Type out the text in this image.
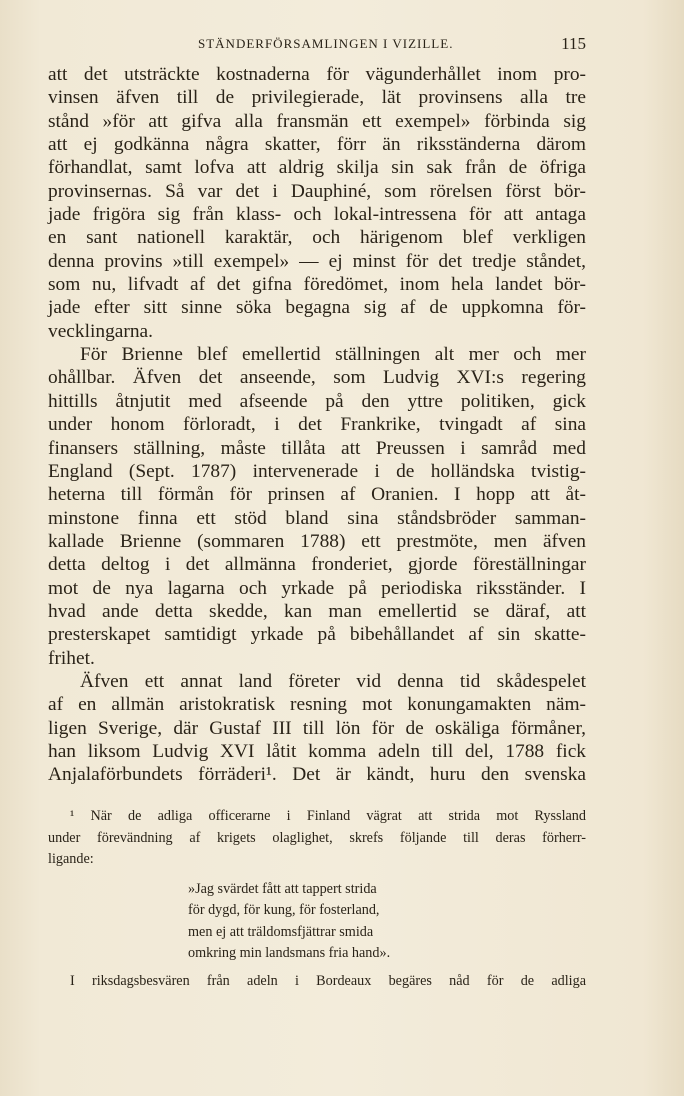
STÄNDERFÖRSAMLINGEN I VIZILLE.	115

att det utsträckte kostnaderna för vägunderhållet inom pro-
vinsen äfven till de privilegierade, lät provinsens alla tre
stånd »för att gifva alla fransmän ett exempel» förbinda sig
att ej godkänna några skatter, förr än riksständerna därom
förhandlat, samt lofva att aldrig skilja sin sak från de öfriga
provinsernas. Så var det i Dauphiné, som rörelsen först bör-
jade frigöra sig från klass- och lokal-intressena för att antaga
en sant nationell karaktär, och härigenom blef verkligen
denna provins »till exempel» — ej minst för det tredje ståndet,
som nu, lifvadt af det gifna föredömet, inom hela landet bör-
jade efter sitt sinne söka begagna sig af de uppkomna för-
vecklingarna.

För Brienne blef emellertid ställningen alt mer och mer
ohållbar. Äfven det anseende, som Ludvig XVI:s regering
hittills åtnjutit med afseende på den yttre politiken, gick
under honom förloradt, i det Frankrike, tvingadt af sina
finansers ställning, måste tillåta att Preussen i samråd med
England (Sept. 1787) intervenerade i de holländska tvistig-
heterna till förmån för prinsen af Oranien. I hopp att åt-
minstone finna ett stöd bland sina ståndsbröder samman-
kallade Brienne (sommaren 1788) ett prestmöte, men äfven
detta deltog i det allmänna fronderiet, gjorde föreställningar
mot de nya lagarna och yrkade på periodiska riksständer. I
hvad ande detta skedde, kan man emellertid se däraf, att
presterskapet samtidigt yrkade på bibehållandet af sin skatte-
frihet.

Äfven ett annat land företer vid denna tid skådespelet
af en allmän aristokratisk resning mot konungamakten näm-
ligen Sverige, där Gustaf III till lön för de oskäliga förmåner,
han liksom Ludvig XVI låtit komma adeln till del, 1788 fick
Anjalaförbundets förräderi¹. Det är kändt, huru den svenska

¹ När de adliga officerarne i Finland vägrat att strida mot Ryssland
under förevändning af krigets olaglighet, skrefs följande till deras förherr-
ligande:
»Jag svärdet fått att tappert strida
för dygd, för kung, för fosterland,
men ej att träldomsfjättrar smida
omkring min landsmans fria hand».
I riksdagsbesvären från adeln i Bordeaux begäres nåd för de adliga
